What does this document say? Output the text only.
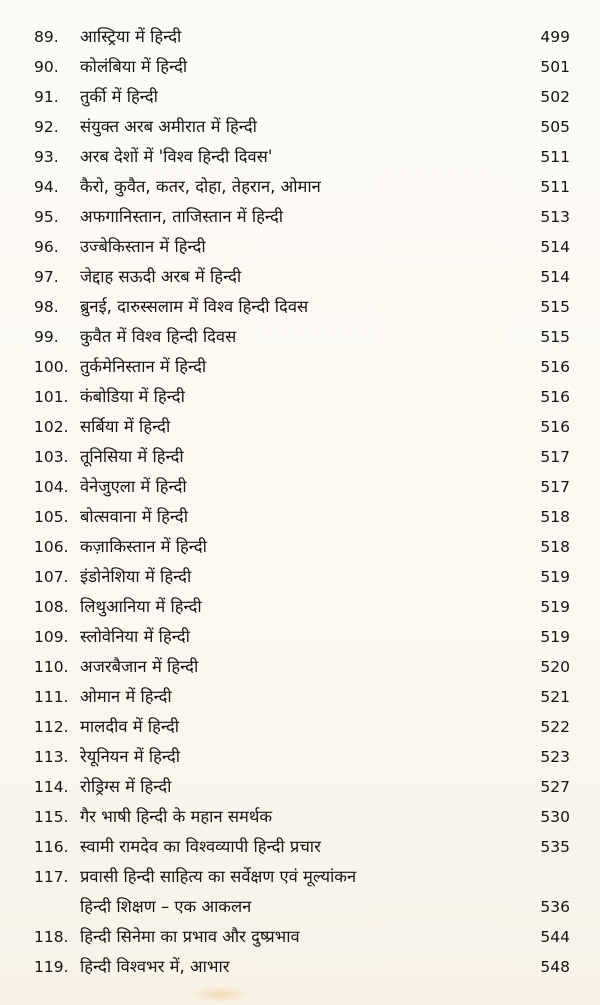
89. आस्ट्रिया में हिन्दी	499
90. कोलंबिया में हिन्दी	501
91. तुर्की में हिन्दी	502
92. संयुक्त अरब अमीरात में हिन्दी	505
93. अरब देशों में 'विश्व हिन्दी दिवस'	511
94. कैरो, कुवैत, कतर, दोहा, तेहरान, ओमान	511
95. अफगानिस्तान, ताजिस्तान में हिन्दी	513
96. उज्बेकिस्तान में हिन्दी	514
97. जेद्दाह सऊदी अरब में हिन्दी	514
98. ब्रुनई, दारुस्सलाम में विश्व हिन्दी दिवस	515
99. कुवैत में विश्व हिन्दी दिवस	515
100. तुर्कमेनिस्तान में हिन्दी	516
101. कंबोडिया में हिन्दी	516
102. सर्बिया में हिन्दी	516
103. तूनिसिया में हिन्दी	517
104. वेनेजुएला में हिन्दी	517
105. बोत्सवाना में हिन्दी	518
106. कज़ाकिस्तान में हिन्दी	518
107. इंडोनेशिया में हिन्दी	519
108. लिथुआनिया में हिन्दी	519
109. स्लोवेनिया में हिन्दी	519
110. अजरबैजान में हिन्दी	520
111. ओमान में हिन्दी	521
112. मालदीव में हिन्दी	522
113. रेयूनियन में हिन्दी	523
114. रोड्रिग्स में हिन्दी	527
115. गैर भाषी हिन्दी के महान समर्थक	530
116. स्वामी रामदेव का विश्वव्यापी हिन्दी प्रचार	535
117. प्रवासी हिन्दी साहित्य का सर्वेक्षण एवं मूल्यांकन
हिन्दी शिक्षण – एक आकलन	536
118. हिन्दी सिनेमा का प्रभाव और दुष्प्रभाव	544
119. हिन्दी विश्वभर में, आभार	548
